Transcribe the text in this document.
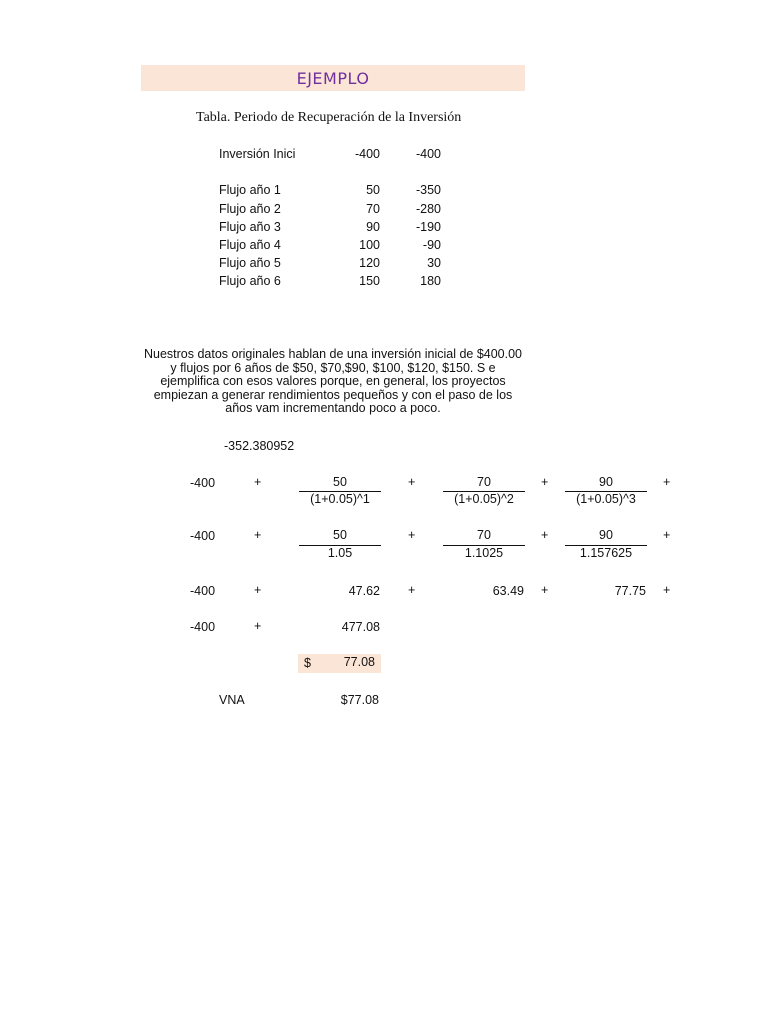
EJEMPLO
Tabla. Periodo de Recuperación de la Inversión
Inversión Inici	-400	-400
Flujo año 1	50	-350
Flujo año 2	70	-280
Flujo año 3	90	-190
Flujo año 4	100	-90
Flujo año 5	120	30
Flujo año 6	150	180
Nuestros datos originales hablan de una inversión inicial de $400.00 y flujos por 6 años de $50, $70,$90, $100, $120, $150. S e ejemplifica con esos valores porque, en general, los proyectos empiezan a generar rendimientos pequeños y con el paso de los años vam incrementando poco a poco.
-352.380952
-400	+	50
(1+0.05)^1
+	70
(1+0.05)^2
+	90
(1+0.05)^3
+
-400	+	50
1.05
+	70
1.1025
+	90
1.157625
+
-400	+	47.62 +	63.49 +	77.75 +
-400	+	477.08
$	77.08
VNA	$77.08
